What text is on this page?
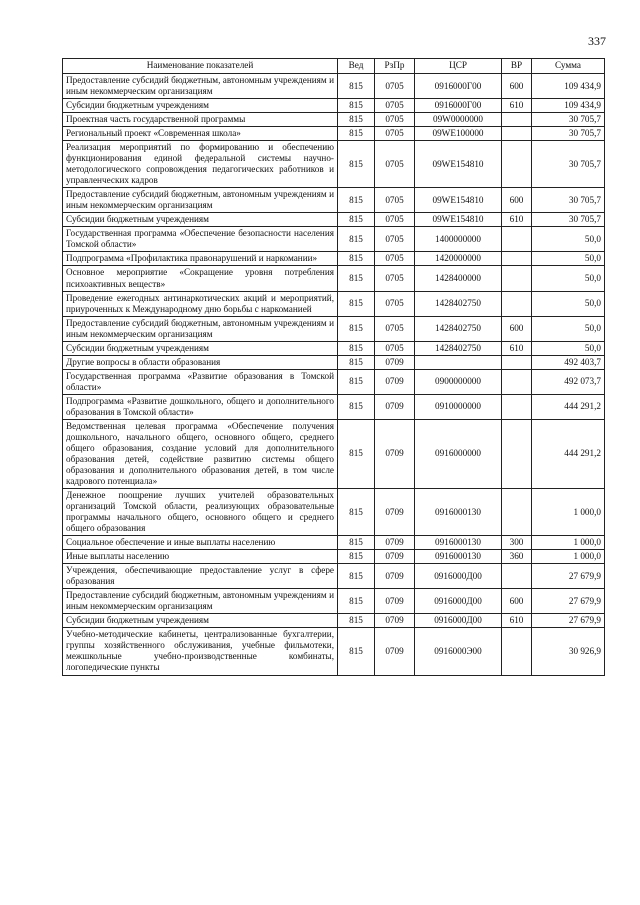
337
Наименование показателей	Вед	РзПр	ЦСР	ВР	Сумма
Предоставление субсидий бюджетным, автономным учреждениям и иным некоммерческим организациям	815	0705	0916000Г00	600	109 434,9
Субсидии бюджетным учреждениям	815	0705	0916000Г00	610	109 434,9
Проектная часть государственной программы	815	0705	09W0000000		30 705,7
Региональный проект «Современная школа»	815	0705	09WE100000		30 705,7
Реализация мероприятий по формированию и обеспечению функционирования единой федеральной системы научно-методологического сопровождения педагогических работников и управленческих кадров	815	0705	09WE154810		30 705,7
Предоставление субсидий бюджетным, автономным учреждениям и иным некоммерческим организациям	815	0705	09WE154810	600	30 705,7
Субсидии бюджетным учреждениям	815	0705	09WE154810	610	30 705,7
Государственная программа «Обеспечение безопасности населения Томской области»	815	0705	1400000000		50,0
Подпрограмма «Профилактика правонарушений и наркомании»	815	0705	1420000000		50,0
Основное мероприятие «Сокращение уровня потребления психоактивных веществ»	815	0705	1428400000		50,0
Проведение ежегодных антинаркотических акций и мероприятий, приуроченных к Международному дню борьбы с наркоманией	815	0705	1428402750		50,0
Предоставление субсидий бюджетным, автономным учреждениям и иным некоммерческим организациям	815	0705	1428402750	600	50,0
Субсидии бюджетным учреждениям	815	0705	1428402750	610	50,0
Другие вопросы в области образования	815	0709			492 403,7
Государственная программа «Развитие образования в Томской области»	815	0709	0900000000		492 073,7
Подпрограмма «Развитие дошкольного, общего и дополнительного образования в Томской области»	815	0709	0910000000		444 291,2
Ведомственная целевая программа «Обеспечение получения дошкольного, начального общего, основного общего, среднего общего образования, создание условий для дополнительного образования детей, содействие развитию системы общего образования и дополнительного образования детей, в том числе кадрового потенциала»	815	0709	0916000000		444 291,2
Денежное поощрение лучших учителей образовательных организаций Томской области, реализующих образовательные программы начального общего, основного общего и среднего общего образования	815	0709	0916000130		1 000,0
Социальное обеспечение и иные выплаты населению	815	0709	0916000130	300	1 000,0
Иные выплаты населению	815	0709	0916000130	360	1 000,0
Учреждения, обеспечивающие предоставление услуг в сфере образования	815	0709	0916000Д00		27 679,9
Предоставление субсидий бюджетным, автономным учреждениям и иным некоммерческим организациям	815	0709	0916000Д00	600	27 679,9
Субсидии бюджетным учреждениям	815	0709	0916000Д00	610	27 679,9
Учебно-методические кабинеты, централизованные бухгалтерии, группы хозяйственного обслуживания, учебные фильмотеки, межшкольные учебно-производственные комбинаты, логопедические пункты	815	0709	0916000Э00		30 926,9
